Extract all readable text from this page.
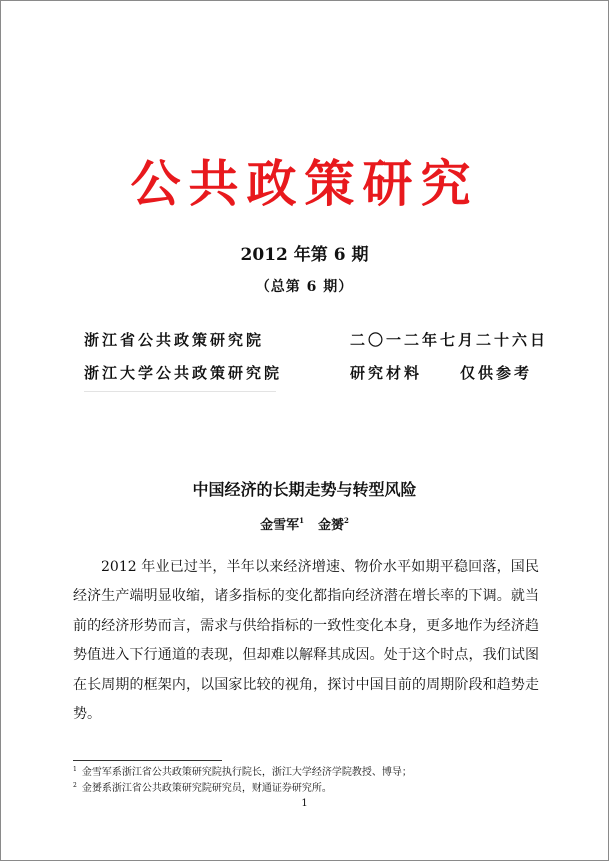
公共政策研究
2012 年第 6 期
（总第 6 期）
浙江省公共政策研究院
浙江大学公共政策研究院
二〇一二年七月二十六日
研究材料	仅供参考
中国经济的长期走势与转型风险
金雪军$^1$ 金赟$^2$

2012 年业已过半，半年以来经济增速、物价水平如期平稳回落，国民经济生产端明显收缩，诸多指标的变化都指向经济潜在增长率的下调。就当前的经济形势而言，需求与供给指标的一致性变化本身，更多地作为经济趋势值进入下行通道的表现，但却难以解释其成因。处于这个时点，我们试图在长周期的框架内，以国家比较的视角，探讨中国目前的周期阶段和趋势走势。

$^1$ 金雪军系浙江省公共政策研究院执行院长，浙江大学经济学院教授、博导；
$^2$ 金赟系浙江省公共政策研究院研究员，财通证券研究所。
1
